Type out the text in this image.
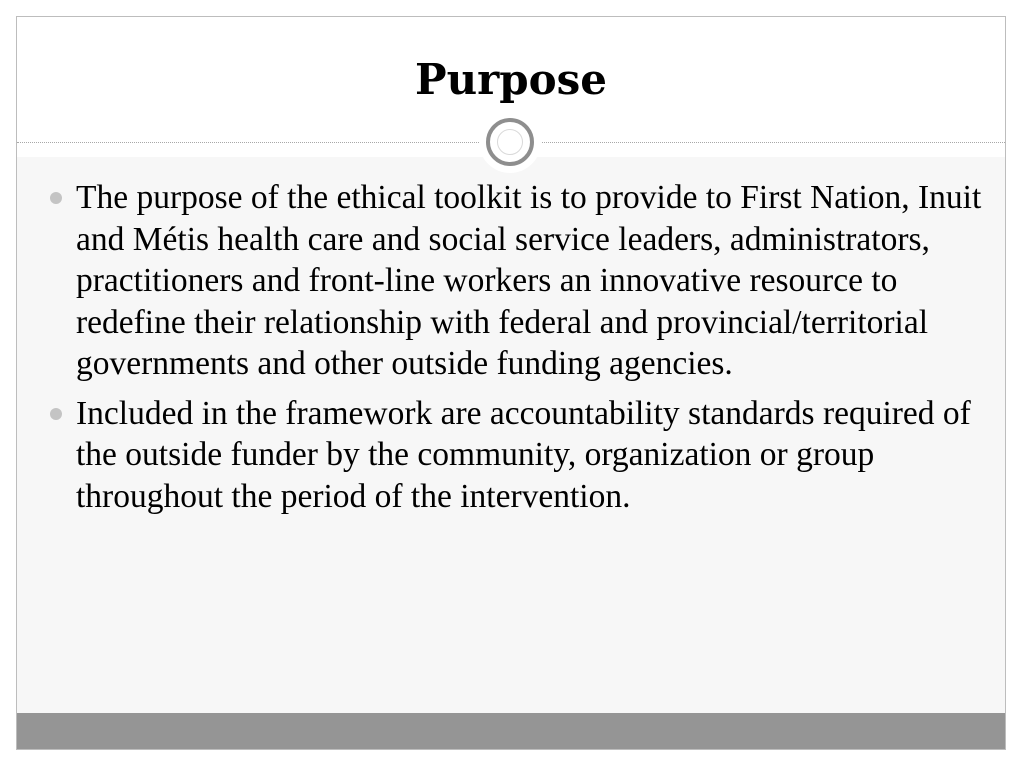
Purpose
The purpose of the ethical toolkit is to provide to First Nation, Inuit and Métis health care and social service leaders, administrators, practitioners and front-line workers an innovative resource to redefine their relationship with federal and provincial/territorial governments and other outside funding agencies.
Included in the framework are accountability standards required of the outside funder by the community, organization or group throughout the period of the intervention.
